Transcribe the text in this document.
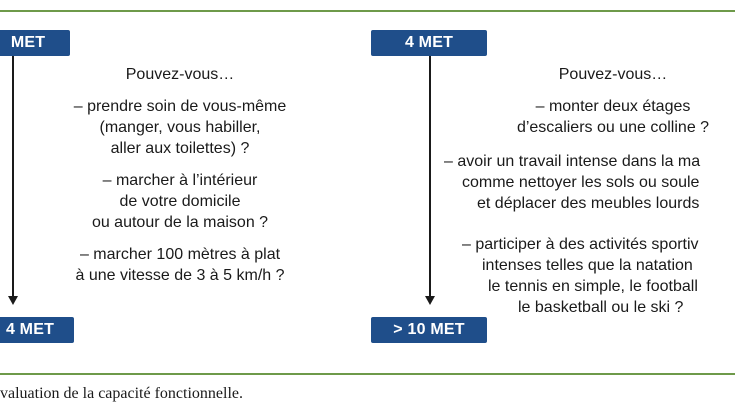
MET
4 MET
Pouvez-vous…
– prendre soin de vous-même
(manger, vous habiller,
aller aux toilettes) ?
– marcher à l’intérieur
de votre domicile
ou autour de la maison ?
– marcher 100 mètres à plat
à une vitesse de 3 à 5 km/h ?
4 MET
> 10 MET
Pouvez-vous…
– monter deux étages
d’escaliers ou une colline ?
– avoir un travail intense dans la ma
comme nettoyer les sols ou soule
et déplacer des meubles lourds
– participer à des activités sportiv
intenses telles que la natation
le tennis en simple, le football
le basketball ou le ski ?
valuation de la capacité fonctionnelle.
